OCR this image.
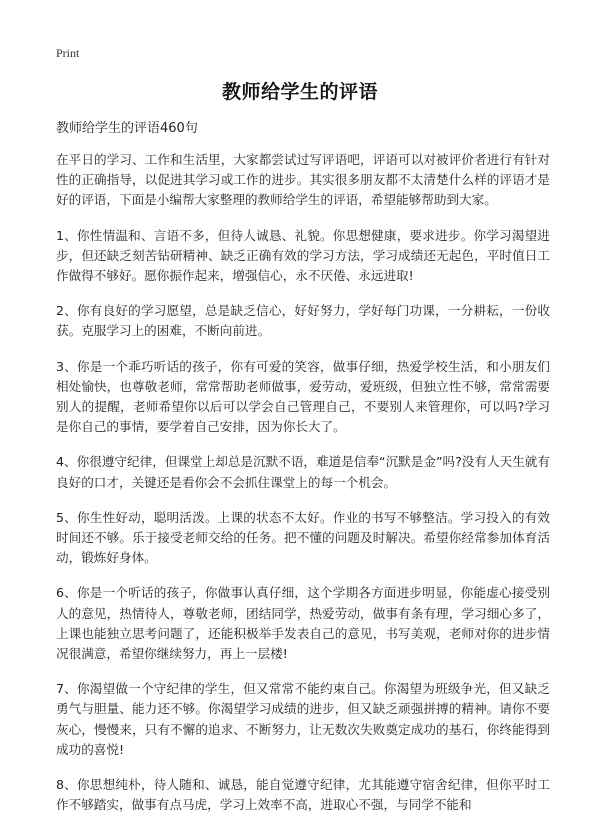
Print
教师给学生的评语
教师给学生的评语460句

在平日的学习、工作和生活里，大家都尝试过写评语吧，评语可以对被评价者进行有针对性的正确指导，以促进其学习或工作的进步。其实很多朋友都不太清楚什么样的评语才是好的评语，下面是小编帮大家整理的教师给学生的评语，希望能够帮助到大家。

1、你性情温和、言语不多，但待人诚恳、礼貌。你思想健康，要求进步。你学习渴望进步，但还缺乏刻苦钻研精神、缺乏正确有效的学习方法，学习成绩还无起色，平时值日工作做得不够好。愿你振作起来，增强信心，永不厌倦、永远进取!

2、你有良好的学习愿望，总是缺乏信心，好好努力，学好每门功课，一分耕耘，一份收获。克服学习上的困难，不断向前进。

3、你是一个乖巧听话的孩子，你有可爱的笑容，做事仔细，热爱学校生活，和小朋友们相处愉快，也尊敬老师，常常帮助老师做事，爱劳动，爱班级，但独立性不够，常常需要别人的提醒，老师希望你以后可以学会自己管理自己，不要别人来管理你，可以吗?学习是你自己的事情，要学着自己安排，因为你长大了。

4、你很遵守纪律，但课堂上却总是沉默不语，难道是信奉“沉默是金”吗?没有人天生就有良好的口才，关键还是看你会不会抓住课堂上的每一个机会。

5、你生性好动，聪明活泼。上课的状态不太好。作业的书写不够整洁。学习投入的有效时间还不够。乐于接受老师交给的任务。把不懂的问题及时解决。希望你经常参加体育活动，锻炼好身体。

6、你是一个听话的孩子，你做事认真仔细，这个学期各方面进步明显，你能虚心接受别人的意见，热情待人，尊敬老师，团结同学，热爱劳动，做事有条有理，学习细心多了，上课也能独立思考问题了，还能积极举手发表自己的意见，书写美观，老师对你的进步情况很满意，希望你继续努力，再上一层楼!

7、你渴望做一个守纪律的学生，但又常常不能约束自己。你渴望为班级争光，但又缺乏勇气与胆量、能力还不够。你渴望学习成绩的进步，但又缺乏顽强拼搏的精神。请你不要灰心，慢慢来，只有不懈的追求、不断努力，让无数次失败奠定成功的基石，你终能得到成功的喜悦!

8、你思想纯朴，待人随和、诚恳，能自觉遵守纪律，尤其能遵守宿舍纪律，但你平时工作不够踏实，做事有点马虎，学习上效率不高，进取心不强，与同学不能和
